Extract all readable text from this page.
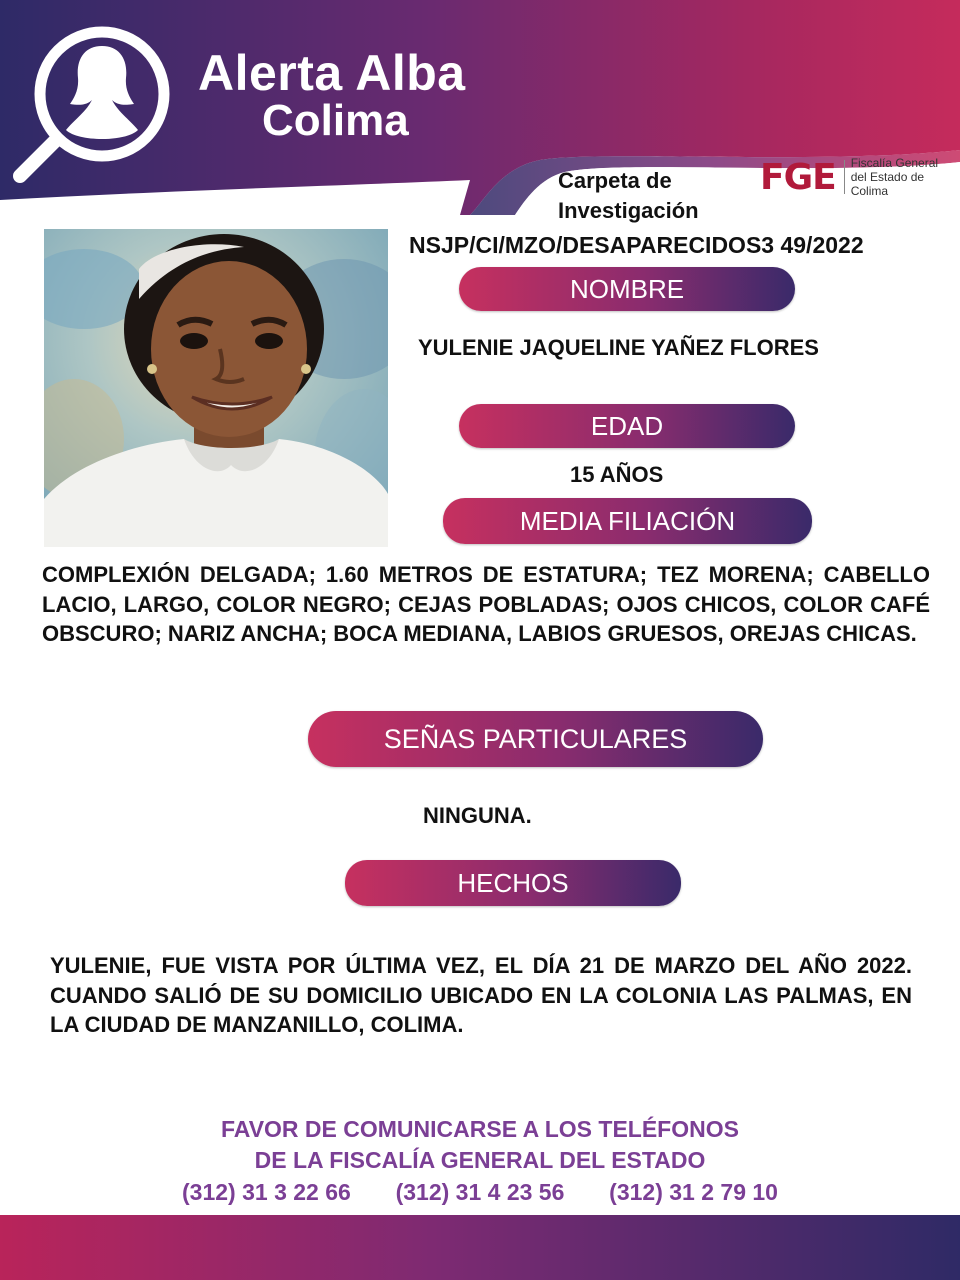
Alerta Alba
Colima
Carpeta de
Investigación
FGE Fiscalía General
del Estado de Colima
NSJP/CI/MZO/DESAPARECIDOS3 49/2022
NOMBRE
YULENIE JAQUELINE YAÑEZ FLORES
EDAD
15 AÑOS
MEDIA FILIACIÓN
COMPLEXIÓN DELGADA; 1.60 METROS DE ESTATURA; TEZ MORENA; CABELLO LACIO, LARGO, COLOR NEGRO; CEJAS POBLADAS; OJOS CHICOS, COLOR CAFÉ OBSCURO; NARIZ ANCHA; BOCA MEDIANA, LABIOS GRUESOS, OREJAS CHICAS.
SEÑAS PARTICULARES
NINGUNA.
HECHOS
YULENIE, FUE VISTA POR ÚLTIMA VEZ, EL DÍA 21 DE MARZO DEL AÑO 2022. CUANDO SALIÓ DE SU DOMICILIO UBICADO EN LA COLONIA LAS PALMAS, EN LA CIUDAD DE MANZANILLO, COLIMA.
FAVOR DE COMUNICARSE A LOS TELÉFONOS
DE LA FISCALÍA GENERAL DEL ESTADO
(312) 31 3 22 66 (312) 31 4 23 56 (312) 31 2 79 10
